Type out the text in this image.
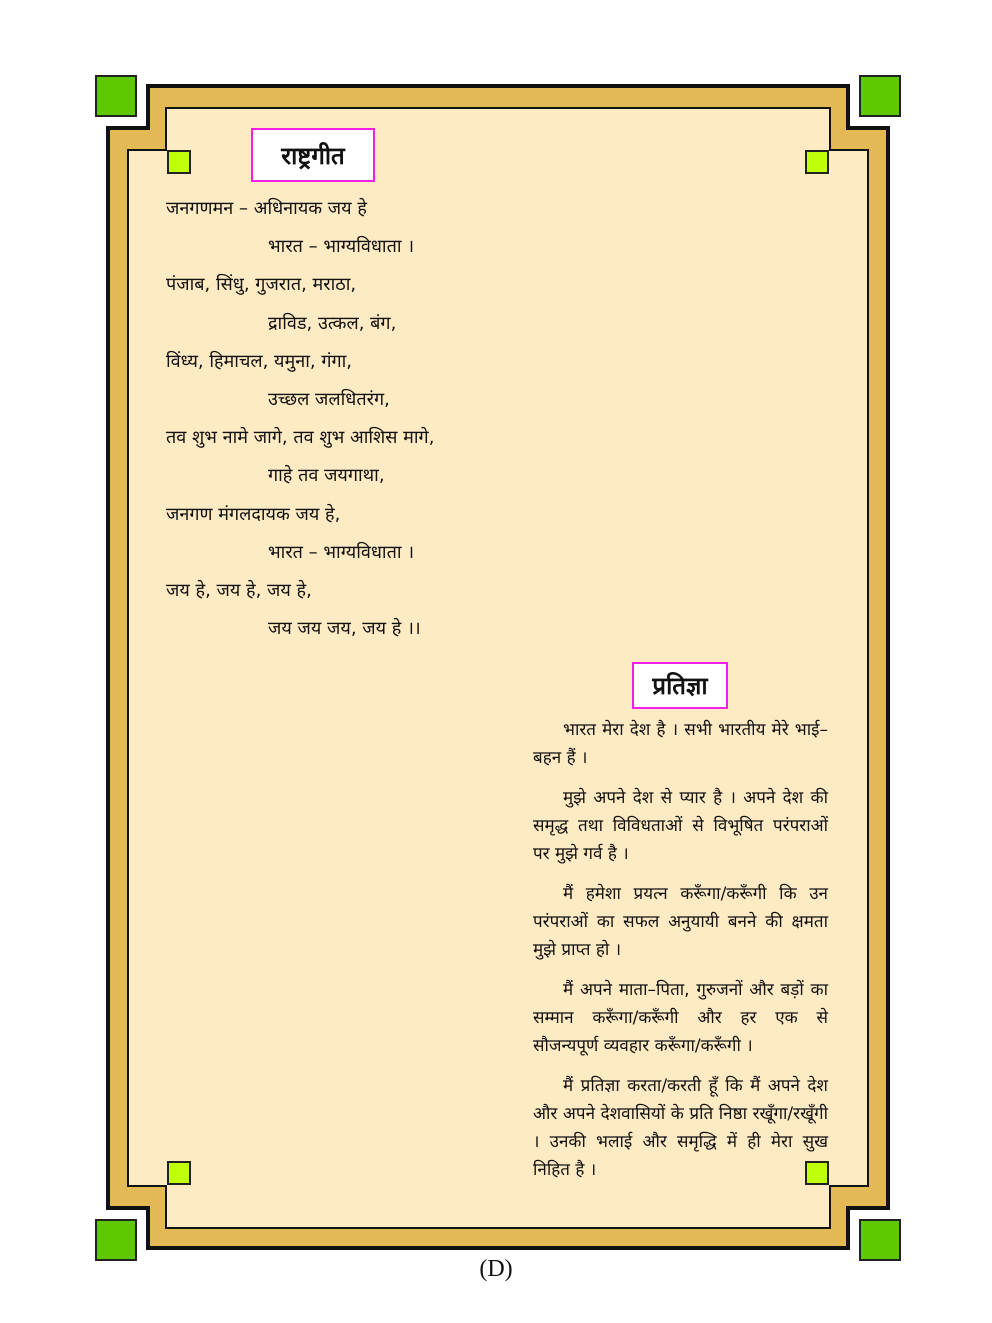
राष्ट्रगीत
जनगणमन – अधिनायक जय हे
भारत – भाग्यविधाता ।
पंजाब, सिंधु, गुजरात, मराठा,
द्राविड, उत्कल, बंग,
विंध्य, हिमाचल, यमुना, गंगा,
उच्छल जलधितरंग,
तव शुभ नामे जागे, तव शुभ आशिस मागे,
गाहे तव जयगाथा,
जनगण मंगलदायक जय हे,
भारत – भाग्यविधाता ।
जय हे, जय हे, जय हे,
जय जय जय, जय हे ।।
प्रतिज्ञा

भारत मेरा देश है । सभी भारतीय मेरे भाई–बहन हैं ।

मुझे अपने देश से प्यार है । अपने देश की समृद्ध तथा विविधताओं से विभूषित परंपराओं पर मुझे गर्व है ।

मैं हमेशा प्रयत्न करूँगा/करूँगी कि उन परंपराओं का सफल अनुयायी बनने की क्षमता मुझे प्राप्त हो ।

मैं अपने माता–पिता, गुरुजनों और बड़ों का सम्मान करूँगा/करूँगी और हर एक से सौजन्यपूर्ण व्यवहार करूँगा/करूँगी ।

मैं प्रतिज्ञा करता/करती हूँ कि मैं अपने देश और अपने देशवासियों के प्रति निष्ठा रखूँगा/रखूँगी । उनकी भलाई और समृद्धि में ही मेरा सुख निहित है ।

(D)
